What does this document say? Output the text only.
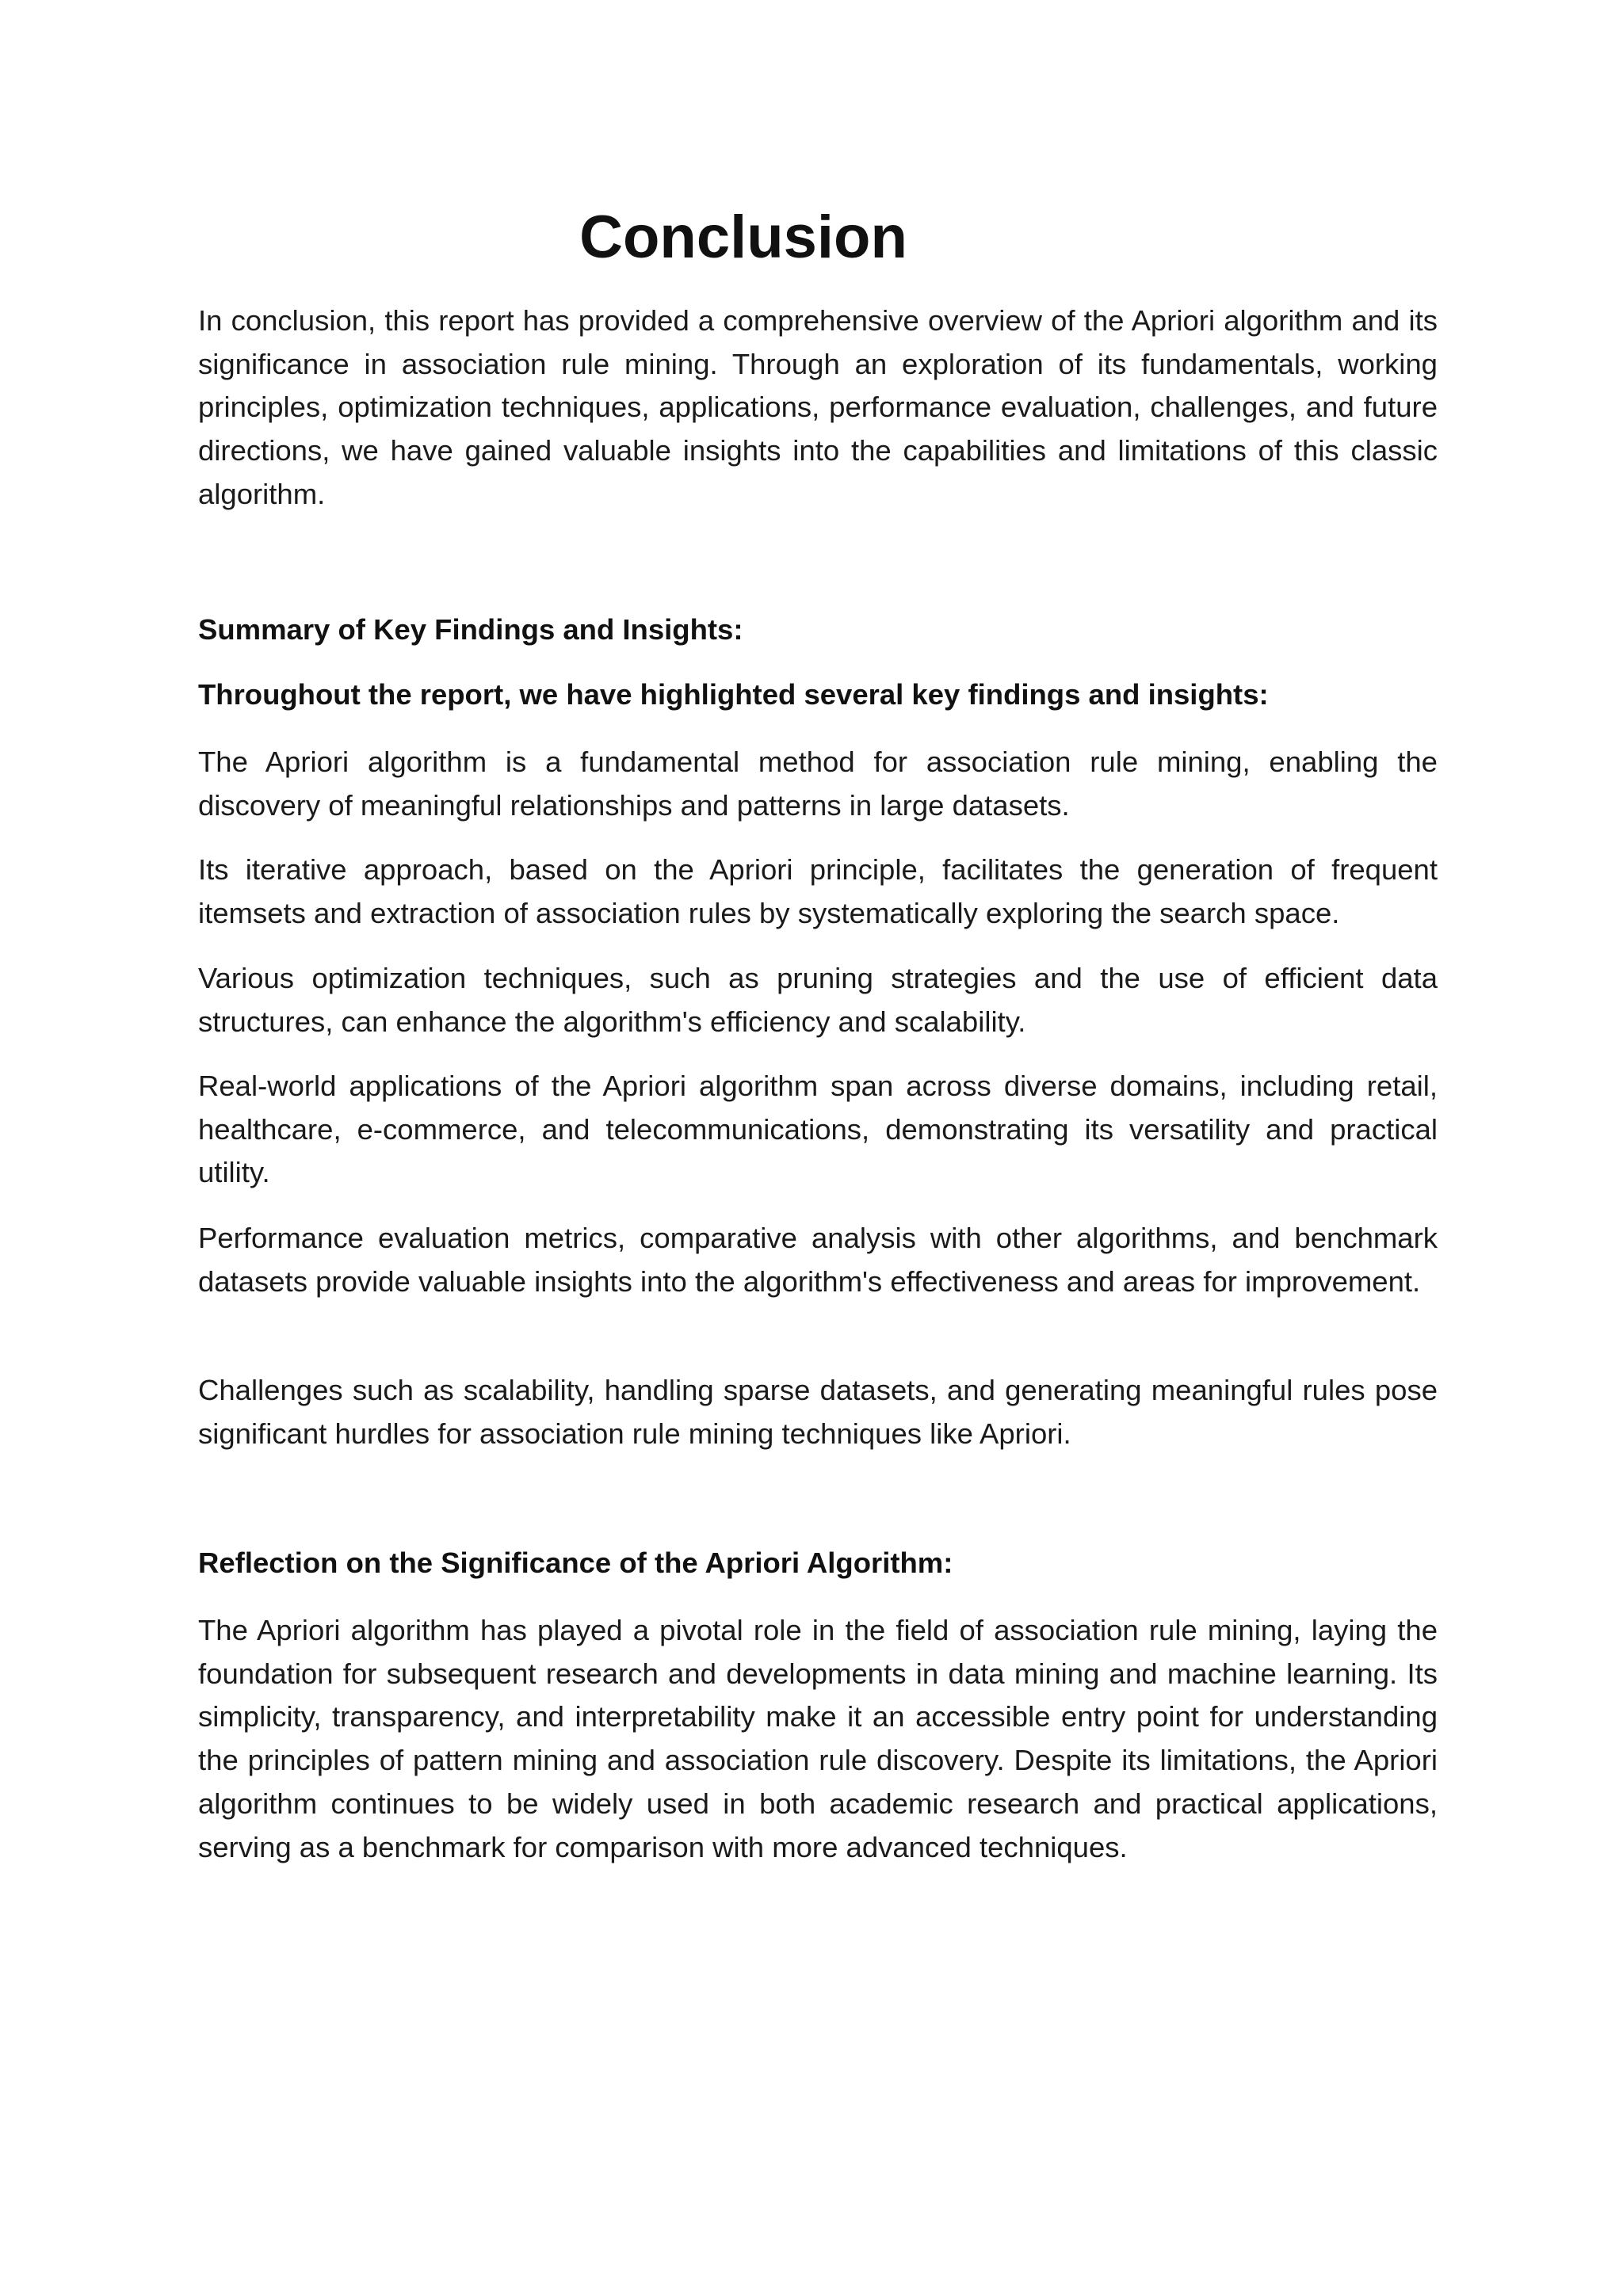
Conclusion

In conclusion, this report has provided a comprehensive overview of the Apriori algorithm and its significance in association rule mining. Through an exploration of its fundamentals, working principles, optimization techniques, applications, performance evaluation, challenges, and future directions, we have gained valuable insights into the capabilities and limitations of this classic algorithm.

Summary of Key Findings and Insights:

Throughout the report, we have highlighted several key findings and insights:

The Apriori algorithm is a fundamental method for association rule mining, enabling the discovery of meaningful relationships and patterns in large datasets.

Its iterative approach, based on the Apriori principle, facilitates the generation of frequent itemsets and extraction of association rules by systematically exploring the search space.

Various optimization techniques, such as pruning strategies and the use of efficient data structures, can enhance the algorithm's efficiency and scalability.

Real-world applications of the Apriori algorithm span across diverse domains, including retail, healthcare, e-commerce, and telecommunications, demonstrating its versatility and practical utility.

Performance evaluation metrics, comparative analysis with other algorithms, and benchmark datasets provide valuable insights into the algorithm's effectiveness and areas for improvement.

Challenges such as scalability, handling sparse datasets, and generating meaningful rules pose significant hurdles for association rule mining techniques like Apriori.

Reflection on the Significance of the Apriori Algorithm:

The Apriori algorithm has played a pivotal role in the field of association rule mining, laying the foundation for subsequent research and developments in data mining and machine learning. Its simplicity, transparency, and interpretability make it an accessible entry point for understanding the principles of pattern mining and association rule discovery. Despite its limitations, the Apriori algorithm continues to be widely used in both academic research and practical applications, serving as a benchmark for comparison with more advanced techniques.
